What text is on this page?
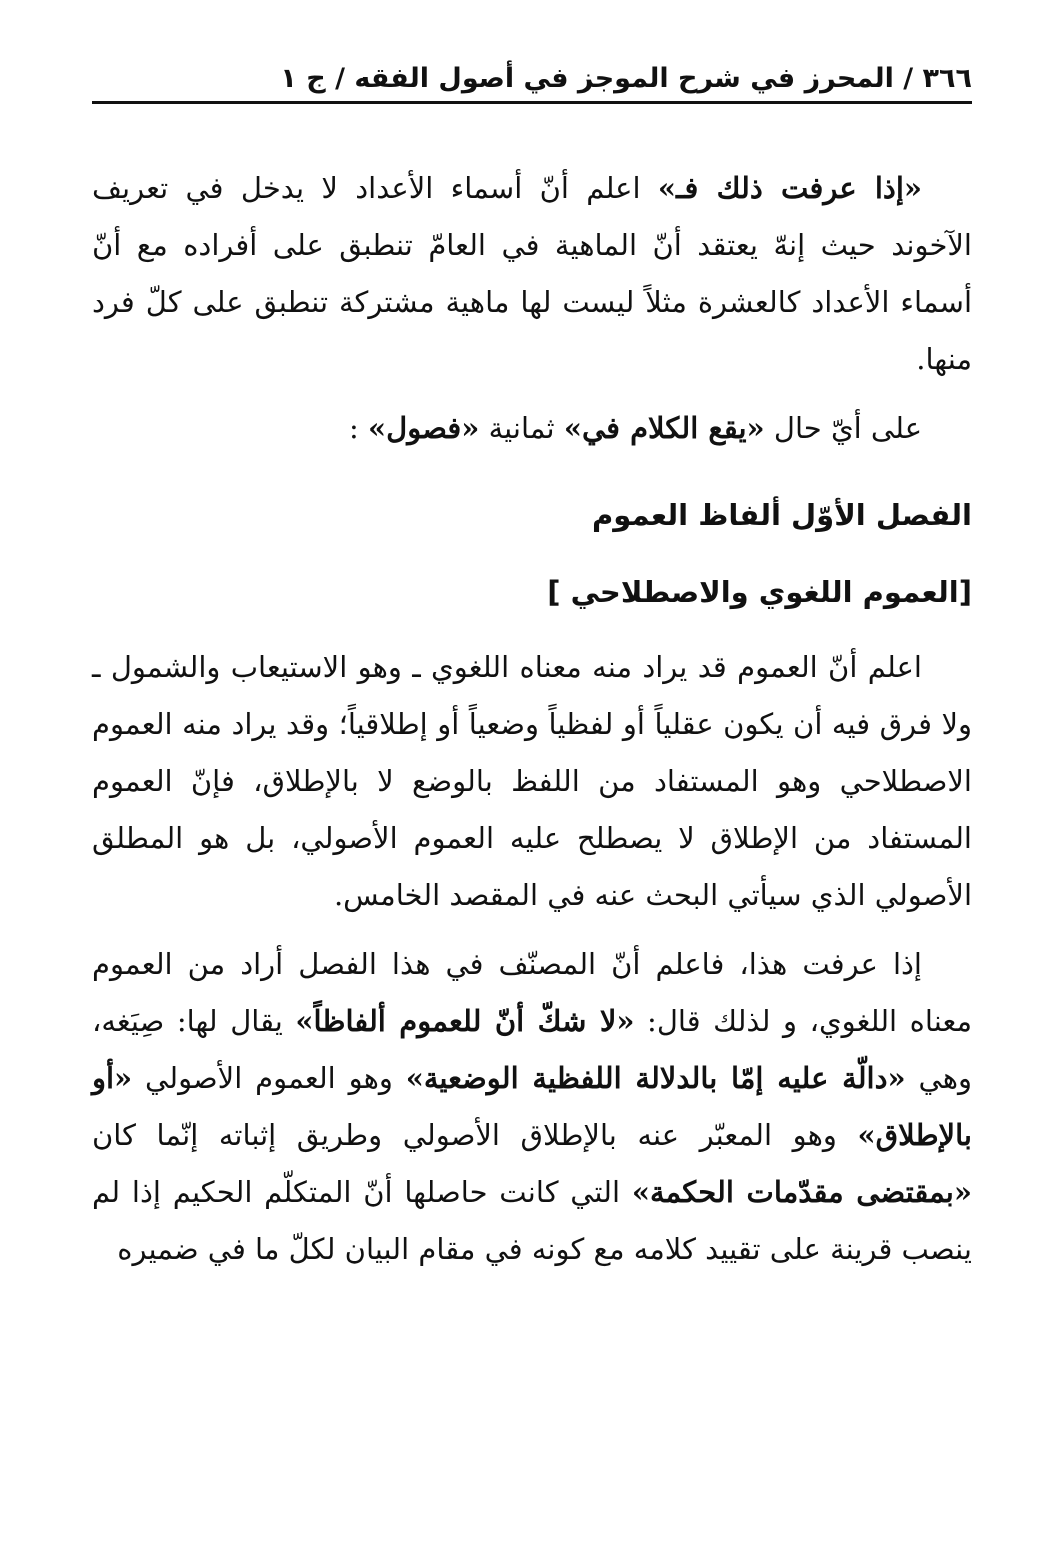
٣٦٦ / المحرز في شرح الموجز في أصول الفقه / ج ١

«إذا عرفت ذلك فـ» اعلم أنّ أسماء الأعداد لا يدخل في تعريف الآخوند حيث إنهّ يعتقد أنّ الماهية في العامّ تنطبق على أفراده مع أنّ أسماء الأعداد كالعشرة مثلاً ليست لها ماهية مشتركة تنطبق على كلّ فرد منها.

على أيّ حال «يقع الكلام في» ثمانية «فصول» :

الفصل الأوّل ألفاظ العموم
[العموم اللغوي والاصطلاحي ]

اعلم أنّ العموم قد يراد منه معناه اللغوي ـ وهو الاستيعاب والشمول ـ ولا فرق فيه أن يكون عقلياً أو لفظياً وضعياً أو إطلاقياً؛ وقد يراد منه العموم الاصطلاحي وهو المستفاد من اللفظ بالوضع لا بالإطلاق، فإنّ العموم المستفاد من الإطلاق لا يصطلح عليه العموم الأصولي، بل هو المطلق الأصولي الذي سيأتي البحث عنه في المقصد الخامس.

إذا عرفت هذا، فاعلم أنّ المصنّف في هذا الفصل أراد من العموم معناه اللغوي، و لذلك قال: «لا شكّ أنّ للعموم ألفاظاً» يقال لها: صِيَغه، وهي «دالّة عليه إمّا بالدلالة اللفظية الوضعية» وهو العموم الأصولي «أو بالإطلاق» وهو المعبّر عنه بالإطلاق الأصولي وطريق إثباته إنّما كان «بمقتضى مقدّمات الحكمة» التي كانت حاصلها أنّ المتكلّم الحكيم إذا لم ينصب قرينة على تقييد كلامه مع كونه في مقام البيان لكلّ ما في ضميره
